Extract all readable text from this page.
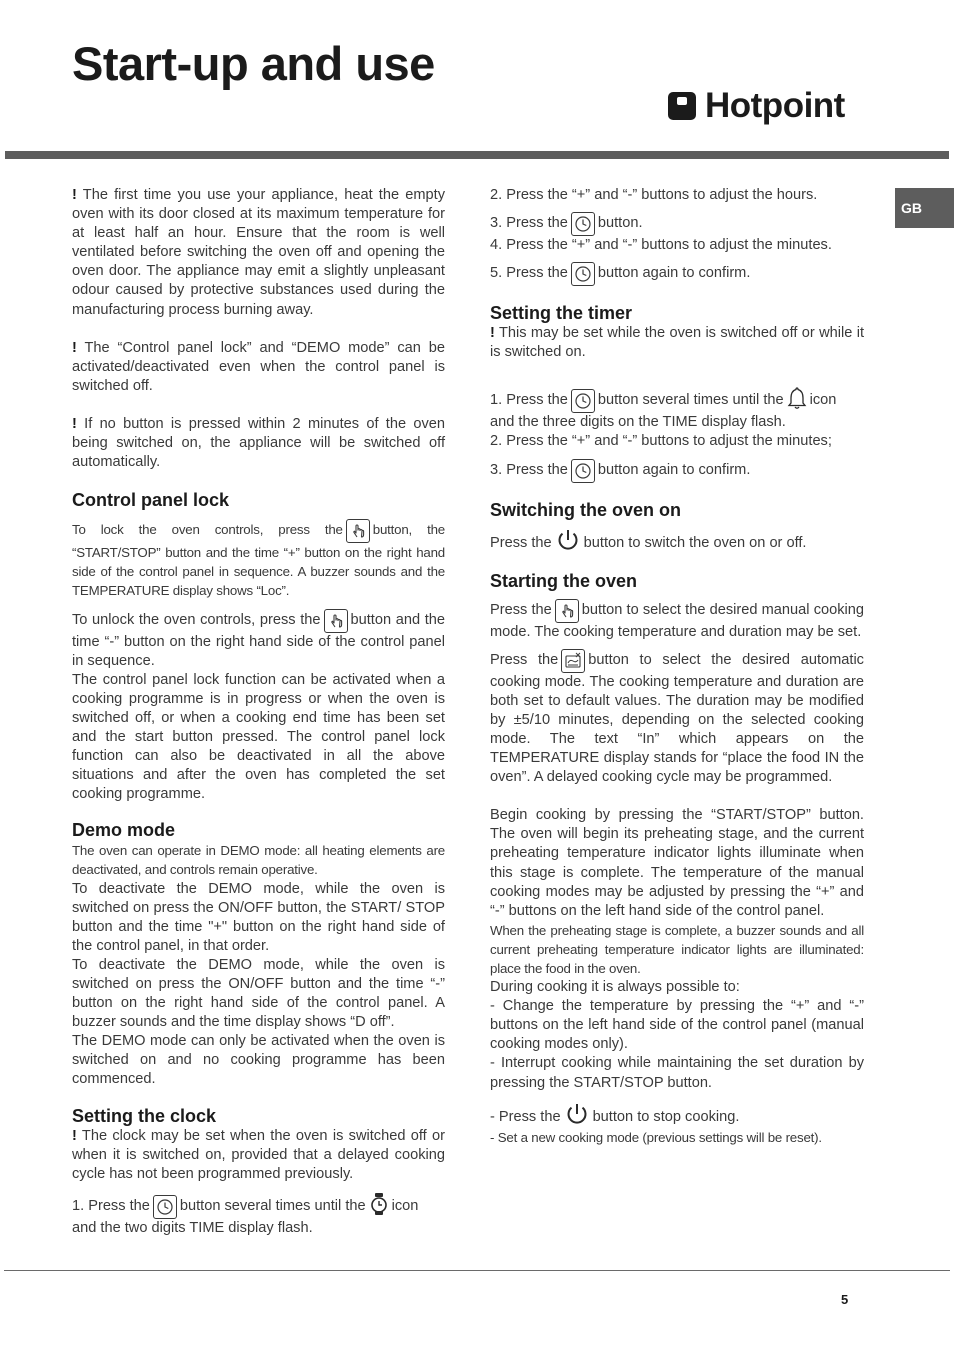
Start-up and use
Hotpoint
GB

! The first time you use your appliance, heat the empty oven with its door closed at its maximum temperature for at least half an hour. Ensure that the room is well ventilated before switching the oven off and opening the oven door. The appliance may emit a slightly unpleasant odour caused by protective substances used during the manufacturing process burning away.

! The “Control panel lock” and “DEMO mode” can be activated/deactivated even when the control panel is switched off.

! If no button is pressed within 2 minutes of the oven being switched on, the appliance will be switched off automatically.

Control panel lock

To lock the oven controls, press the button, the “START/STOP” button and the time “+” button on the right hand side of the control panel in sequence. A buzzer sounds and the TEMPERATURE display shows “Loc”.

To unlock the oven controls, press the button and the time “-” button on the right hand side of the control panel in sequence.

The control panel lock function can be activated when a cooking programme is in progress or when the oven is switched off, or when a cooking end time has been set and the start button pressed. The control panel lock function can also be deactivated in all the above situations and after the oven has completed the set cooking programme.

Demo mode

The oven can operate in DEMO mode: all heating elements are deactivated, and controls remain operative.

To deactivate the DEMO mode, while the oven is switched on press the ON/OFF button, the START/ STOP button and the time "+" button on the right hand side of the control panel, in that order.

To deactivate the DEMO mode, while the oven is switched on press the ON/OFF button and the time “-” button on the right hand side of the control panel. A buzzer sounds and the time display shows “D off”.

The DEMO mode can only be activated when the oven is switched on and no cooking programme has been commenced.

Setting the clock

! The clock may be set when the oven is switched off or when it is switched on, provided that a delayed cooking cycle has not been programmed previously.

1. Press the button several times until the icon and the two digits TIME display flash.

2. Press the “+” and “-” buttons to adjust the hours.

3. Press the button.

4. Press the “+” and “-” buttons to adjust the minutes.

5. Press the button again to confirm.

Setting the timer

! This may be set while the oven is switched off or while it is switched on.

1. Press the button several times until the icon and the three digits on the TIME display flash.

2. Press the “+” and “-” buttons to adjust the minutes;

3. Press the button again to confirm.

Switching the oven on

Press the button to switch the oven on or off.

Starting the oven

Press the button to select the desired manual cooking mode. The cooking temperature and duration may be set.

Press the button to select the desired automatic cooking mode. The cooking temperature and duration are both set to default values. The duration may be modified by ±5/10 minutes, depending on the selected cooking mode. The text “In” which appears on the TEMPERATURE display stands for “place the food IN the oven”. A delayed cooking cycle may be programmed.

Begin cooking by pressing the “START/STOP” button. The oven will begin its preheating stage, and the current preheating temperature indicator lights illuminate when this stage is complete. The temperature of the manual cooking modes may be adjusted by pressing the “+” and “-” buttons on the left hand side of the control panel.

When the preheating stage is complete, a buzzer sounds and all current preheating temperature indicator lights are illuminated: place the food in the oven.

During cooking it is always possible to:

- Change the temperature by pressing the “+” and “-” buttons on the left hand side of the control panel (manual cooking modes only).

- Interrupt cooking while maintaining the set duration by pressing the START/STOP button.

- Press the button to stop cooking.

- Set a new cooking mode (previous settings will be reset).

5
